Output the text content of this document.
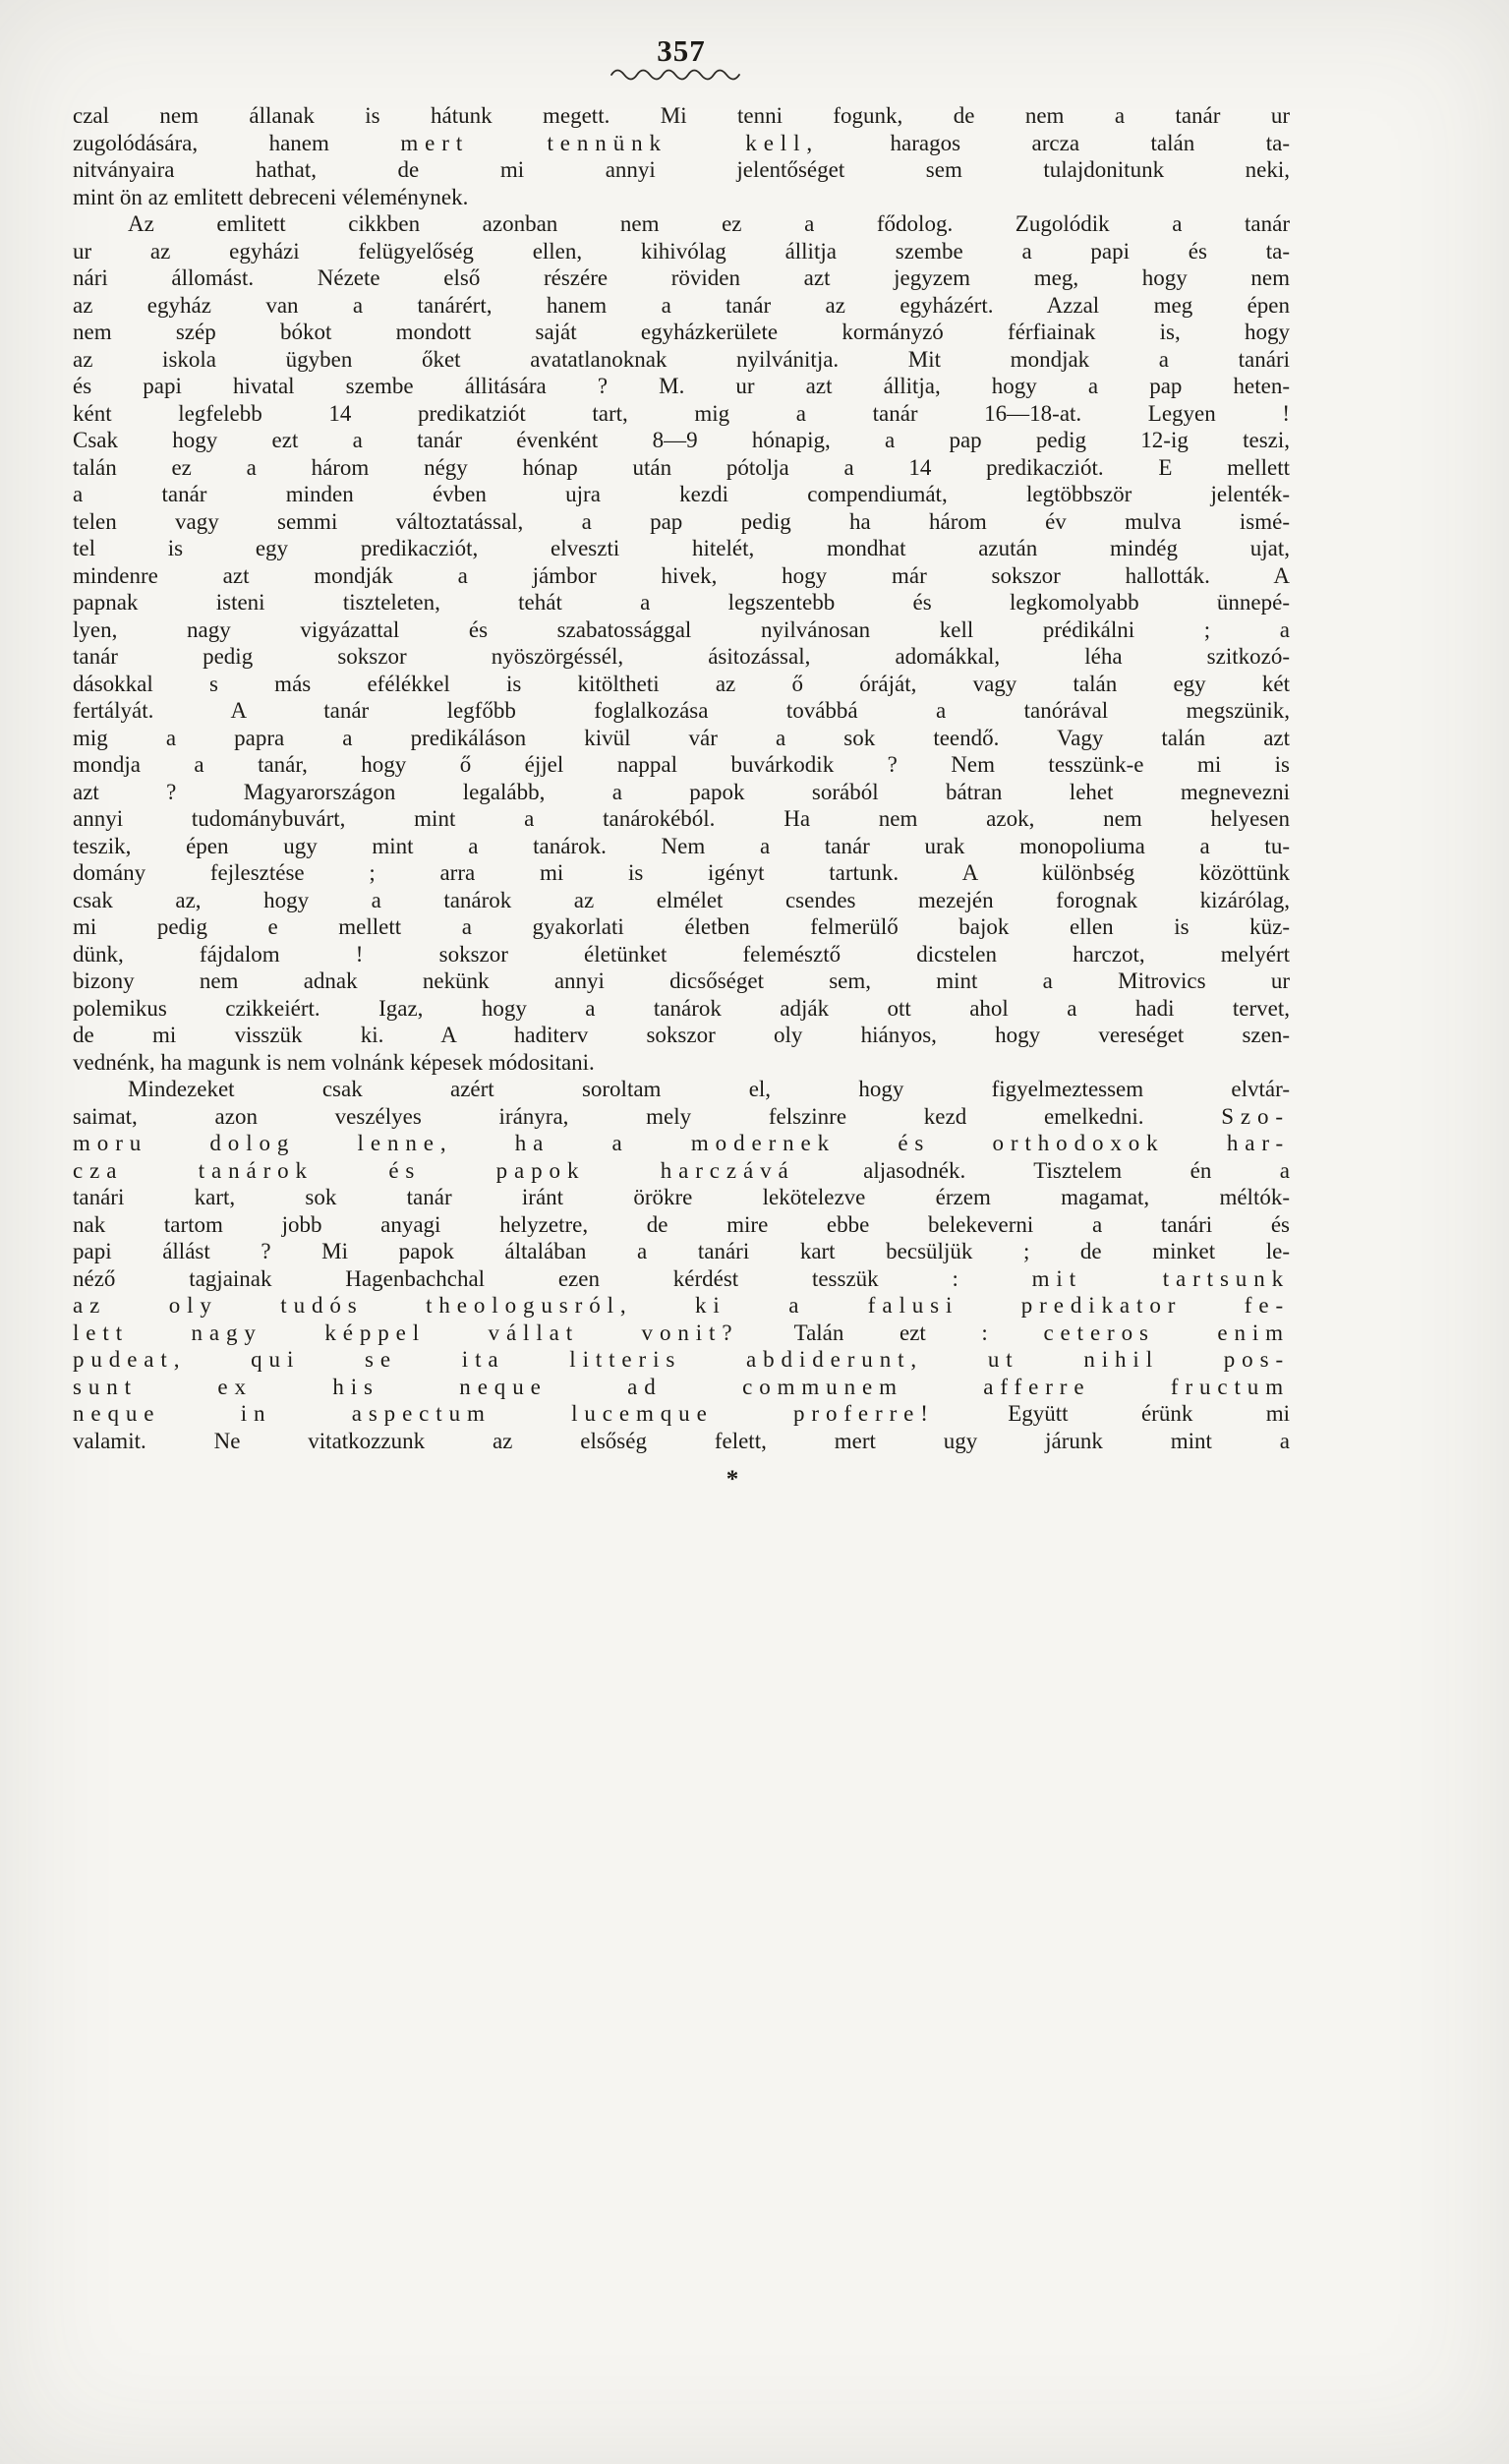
357
czal nem állanak is hátunk megett. Mi tenni fogunk, de nem a tanár ur
zugolódására, hanem mert tennünk kell, haragos arcza talán ta-
nitványaira hathat, de mi annyi jelentőséget sem tulajdonitunk neki,
mint ön az emlitett debreceni véleménynek.
Az emlitett cikkben azonban nem ez a fődolog. Zugolódik a tanár
ur az egyházi felügyelőség ellen, kihivólag állitja szembe a papi és ta-
nári állomást. Nézete első részére röviden azt jegyzem meg, hogy nem
az egyház van a tanárért, hanem a tanár az egyházért. Azzal meg épen
nem szép bókot mondott saját egyházkerülete kormányzó férfiainak is, hogy
az iskola ügyben őket avatatlanoknak nyilvánitja. Mit mondjak a tanári
és papi hivatal szembe állitására ? M. ur azt állitja, hogy a pap heten-
ként legfelebb 14 predikatziót tart, mig a tanár 16—18-at. Legyen !
Csak hogy ezt a tanár évenként 8—9 hónapig, a pap pedig 12-ig teszi,
talán ez a három négy hónap után pótolja a 14 predikacziót. E mellett
a tanár minden évben ujra kezdi compendiumát, legtöbbször jelenték-
telen vagy semmi változtatással, a pap pedig ha három év mulva ismé-
tel is egy predikacziót, elveszti hitelét, mondhat azután mindég ujat,
mindenre azt mondják a jámbor hivek, hogy már sokszor hallották. A
papnak isteni tiszteleten, tehát a legszentebb és legkomolyabb ünnepé-
lyen, nagy vigyázattal és szabatossággal nyilvánosan kell prédikálni ; a
tanár pedig sokszor nyöszörgéssél, ásitozással, adomákkal, léha szitkozó-
dásokkal s más efélékkel is kitöltheti az ő óráját, vagy talán egy két
fertályát. A tanár legfőbb foglalkozása továbbá a tanórával megszünik,
mig a papra a predikáláson kivül vár a sok teendő. Vagy talán azt
mondja a tanár, hogy ő éjjel nappal buvárkodik ? Nem tesszünk-e mi is
azt ? Magyarországon legalább, a papok sorából bátran lehet megnevezni
annyi tudománybuvárt, mint a tanárokéból. Ha nem azok, nem helyesen
teszik, épen ugy mint a tanárok. Nem a tanár urak monopoliuma a tu-
domány fejlesztése ; arra mi is igényt tartunk. A különbség közöttünk
csak az, hogy a tanárok az elmélet csendes mezején forognak kizárólag,
mi pedig e mellett a gyakorlati életben felmerülő bajok ellen is küz-
dünk, fájdalom ! sokszor életünket felemésztő dicstelen harczot, melyért
bizony nem adnak nekünk annyi dicsőséget sem, mint a Mitrovics ur
polemikus czikkeiért. Igaz, hogy a tanárok adják ott ahol a hadi tervet,
de mi visszük ki. A haditerv sokszor oly hiányos, hogy vereséget szen-
vednénk, ha magunk is nem volnánk képesek módositani.
Mindezeket csak azért soroltam el, hogy figyelmeztessem elvtár-
saimat, azon veszélyes irányra, mely felszinre kezd emelkedni. Szo-
moru dolog lenne, ha a modernek és orthodoxok har-
cza tanárok és papok harczává aljasodnék. Tisztelem én a
tanári kart, sok tanár iránt örökre lekötelezve érzem magamat, méltók-
nak tartom jobb anyagi helyzetre, de mire ebbe belekeverni a tanári és
papi állást ? Mi papok általában a tanári kart becsüljük ; de minket le-
néző tagjainak Hagenbachchal ezen kérdést tesszük : mit tartsunk
az oly tudós theologusról, ki a falusi predikator fe-
lett nagy képpel vállat vonit? Talán ezt : ceteros enim
pudeat, qui se ita litteris abdiderunt, ut nihil pos-
sunt ex his neque ad communem afferre fructum
neque in aspectum lucemque proferre! Együtt érünk mi
valamit. Ne vitatkozzunk az elsőség felett, mert ugy járunk mint a
*
